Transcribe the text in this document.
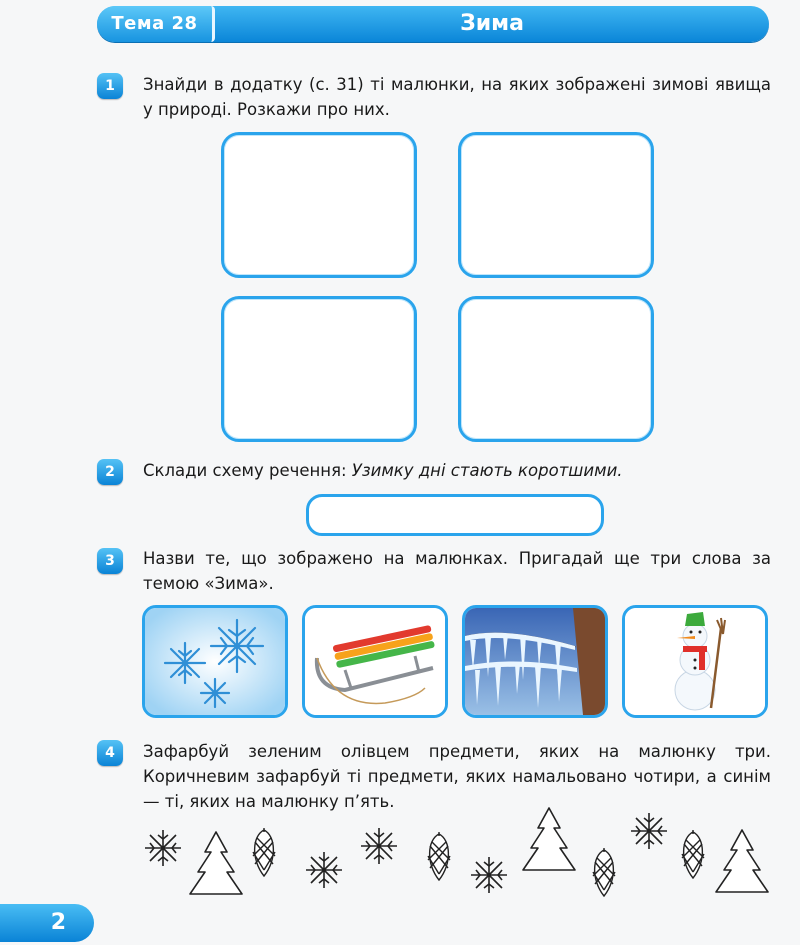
Тема 28	Зима
1	Знайди в додатку (с. 31) ті малюнки, на яких зображені зимові явища у природі. Розкажи про них.
2	Склади схему речення: Узимку дні стають коротшими.
3	Назви те, що зображено на малюнках. Пригадай ще три слова за темою «Зима».
4	Зафарбуй зеленим олівцем предмети, яких на малюнку три. Коричневим зафарбуй ті предмети, яких намальовано чотири, а синім — ті, яких на малюнку п’ять.
2
